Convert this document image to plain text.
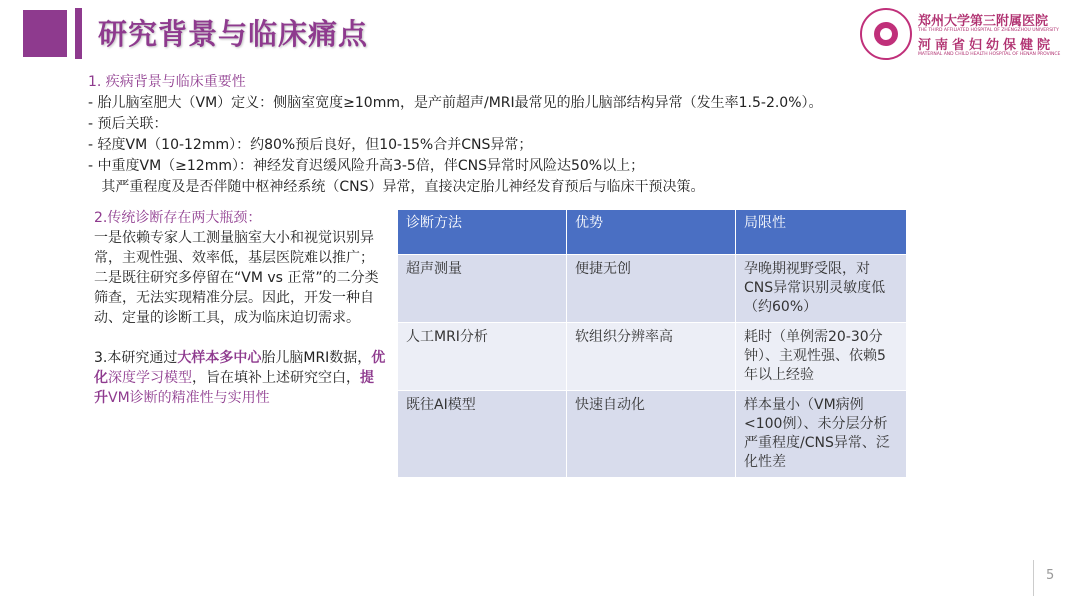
研究背景与临床痛点	郑州大学第三附属医院
THE THIRD AFFILIATED HOSPITAL OF ZHENGZHOU UNIVERSITY
河南省妇幼保健院
MATERNAL AND CHILD HEALTH HOSPITAL OF HENAN PROVINCE
1. 疾病背景与临床重要性
- 胎儿脑室肥大（VM）定义：侧脑室宽度≥10mm，是产前超声/MRI最常见的胎儿脑部结构异常（发生率1.5-2.0%）。
- 预后关联：
- 轻度VM（10-12mm）：约80%预后良好，但10-15%合并CNS异常；
- 中重度VM（≥12mm）：神经发育迟缓风险升高3-5倍，伴CNS异常时风险达50%以上；
其严重程度及是否伴随中枢神经系统（CNS）异常，直接决定胎儿神经发育预后与临床干预决策。
2.传统诊断存在两大瓶颈：
一是依赖专家人工测量脑室大小和视觉识别异常，主观性强、效率低，基层医院难以推广；
二是既往研究多停留在“VM vs 正常”的二分类筛查，无法实现精准分层。因此，开发一种自动、定量的诊断工具，成为临床迫切需求。
3.本研究通过大样本多中心胎儿脑MRI数据，优化深度学习模型，旨在填补上述研究空白，提升VM诊断的精准性与实用性
诊断方法	优势	局限性
超声测量	便捷无创	孕晚期视野受限，对CNS异常识别灵敏度低（约60%）
人工MRI分析	软组织分辨率高	耗时（单例需20-30分钟）、主观性强、依赖5年以上经验
既往AI模型	快速自动化	样本量小（VM病例<100例）、未分层分析严重程度/CNS异常、泛化性差
5
